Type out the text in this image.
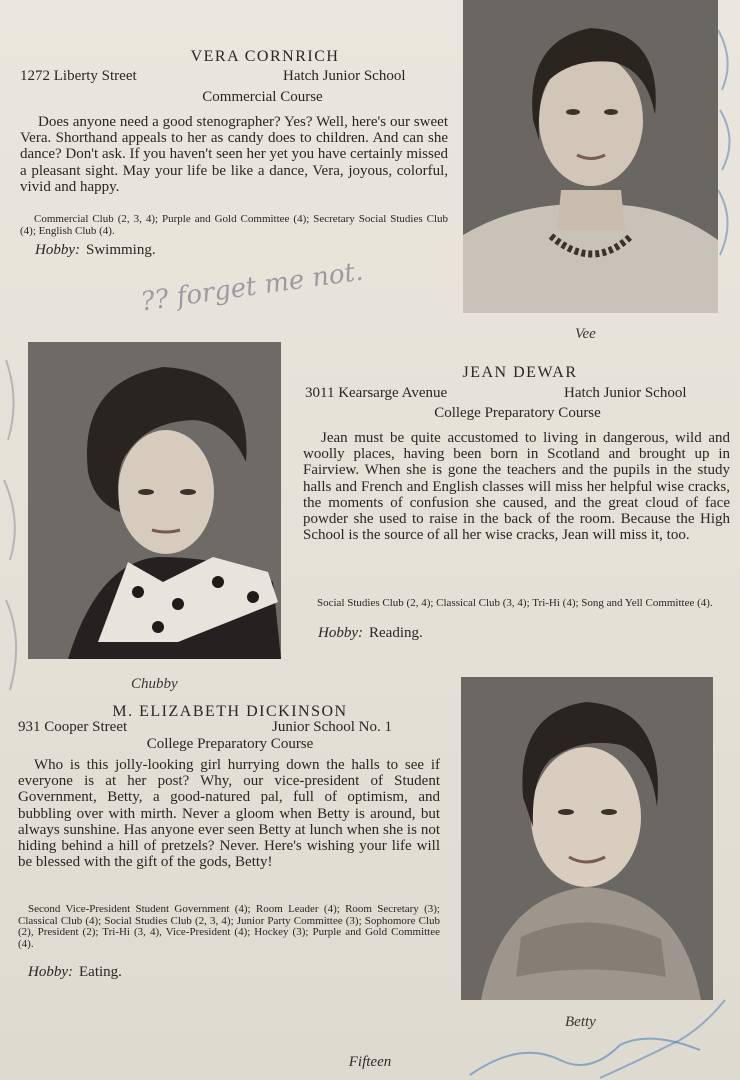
VERA CORNRICH
1272 Liberty Street	Hatch Junior School
Commercial Course
Does anyone need a good stenographer? Yes? Well, here's our sweet Vera. Shorthand appeals to her as candy does to children. And can she dance? Don't ask. If you haven't seen her yet you have certainly missed a pleasant sight. May your life be like a dance, Vera, joyous, colorful, vivid and happy.
Commercial Club (2, 3, 4); Purple and Gold Committee (4); Secretary Social Studies Club (4); English Club (4).
Hobby: Swimming.
Vee
Chubby
JEAN DEWAR
3011 Kearsarge Avenue	Hatch Junior School
College Preparatory Course
Jean must be quite accustomed to living in dangerous, wild and woolly places, having been born in Scotland and brought up in Fairview. When she is gone the teachers and the pupils in the study halls and French and English classes will miss her helpful wise cracks, the moments of confusion she caused, and the great cloud of face powder she used to raise in the back of the room. Because the High School is the source of all her wise cracks, Jean will miss it, too.
Social Studies Club (2, 4); Classical Club (3, 4); Tri-Hi (4); Song and Yell Committee (4).
Hobby: Reading.
M. ELIZABETH DICKINSON
931 Cooper Street	Junior School No. 1
College Preparatory Course
Who is this jolly-looking girl hurrying down the halls to see if everyone is at her post? Why, our vice-president of Student Government, Betty, a good-natured pal, full of optimism, and bubbling over with mirth. Never a gloom when Betty is around, but always sunshine. Has anyone ever seen Betty at lunch when she is not hiding behind a hill of pretzels? Never. Here's wishing your life will be blessed with the gift of the gods, Betty!
Second Vice-President Student Government (4); Room Leader (4); Room Secretary (3); Classical Club (4); Social Studies Club (2, 3, 4); Junior Party Committee (3); Sophomore Club (2), President (2); Tri-Hi (3, 4), Vice-President (4); Hockey (3); Purple and Gold Committee (4).
Hobby: Eating.
Betty
?? forget me not.
Fifteen
